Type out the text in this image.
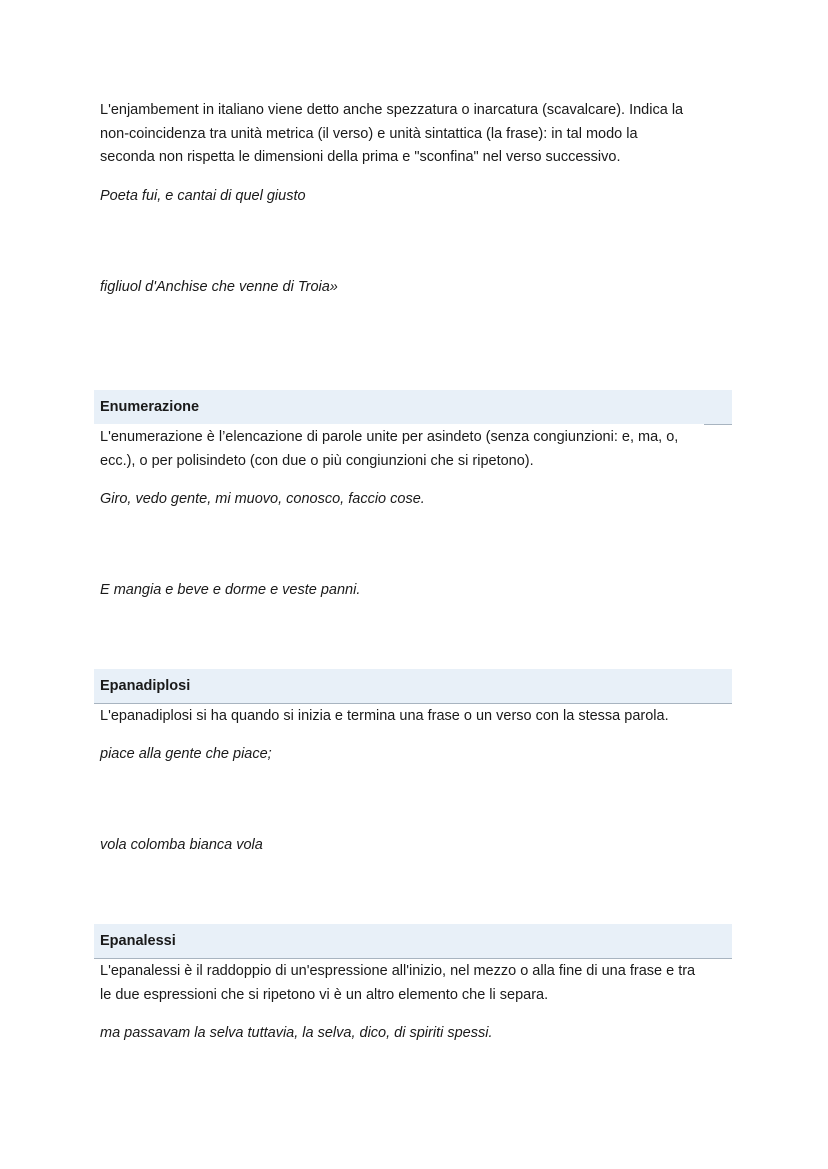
L'enjambement in italiano viene detto anche spezzatura o inarcatura (scavalcare). Indica la
non-coincidenza tra unità metrica (il verso) e unità sintattica (la frase): in tal modo la
seconda non rispetta le dimensioni della prima e "sconfina" nel verso successivo.

Poeta fui, e cantai di quel giusto

figliuol d'Anchise che venne di Troia»

Enumerazione
L'enumerazione è l’elencazione di parole unite per asindeto (senza congiunzioni: e, ma, o,
ecc.), o per polisindeto (con due o più congiunzioni che si ripetono).

Giro, vedo gente, mi muovo, conosco, faccio cose.

E mangia e beve e dorme e veste panni.

Epanadiplosi
L'epanadiplosi si ha quando si inizia e termina una frase o un verso con la stessa parola.

piace alla gente che piace;

vola colomba bianca vola

Epanalessi
L'epanalessi è il raddoppio di un'espressione all'inizio, nel mezzo o alla fine di una frase e tra
le due espressioni che si ripetono vi è un altro elemento che li separa.

ma passavam la selva tuttavia, la selva, dico, di spiriti spessi.
